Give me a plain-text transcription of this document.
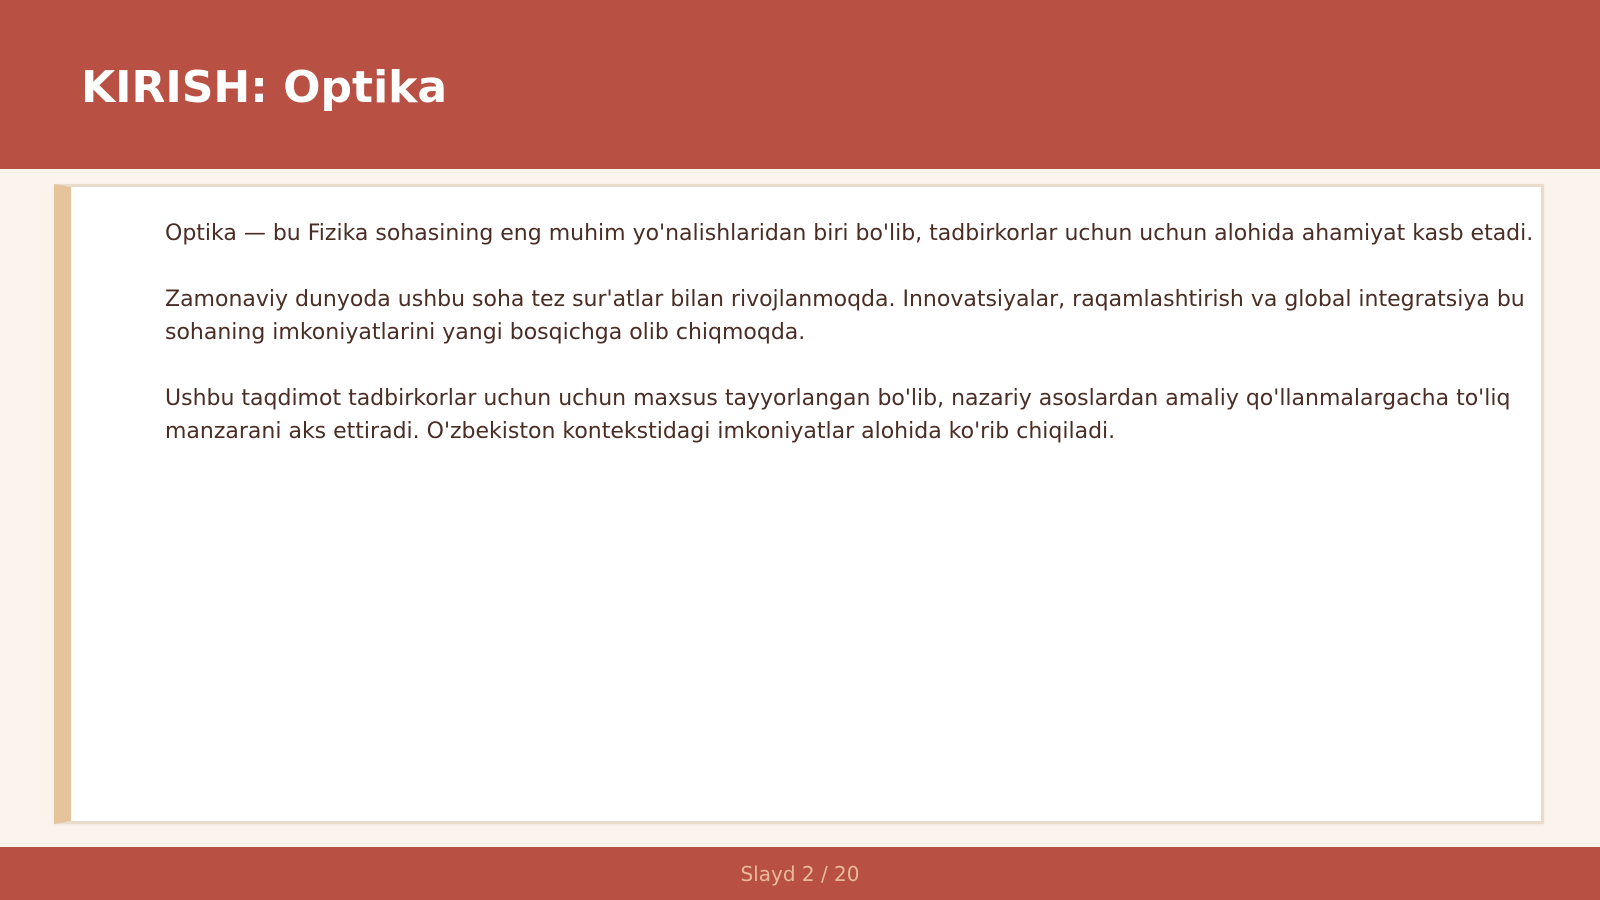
KIRISH: Optika

Optika — bu Fizika sohasining eng muhim yo'nalishlaridan biri bo'lib, tadbirkorlar uchun uchun alohida ahamiyat kasb etadi.

Zamonaviy dunyoda ushbu soha tez sur'atlar bilan rivojlanmoqda. Innovatsiyalar, raqamlashtirish va global integratsiya bu sohaning imkoniyatlarini yangi bosqichga olib chiqmoqda.

Ushbu taqdimot tadbirkorlar uchun uchun maxsus tayyorlangan bo'lib, nazariy asoslardan amaliy qo'llanmalargacha to'liq manzarani aks ettiradi. O'zbekiston kontekstidagi imkoniyatlar alohida ko'rib chiqiladi.

Slayd 2 / 20
